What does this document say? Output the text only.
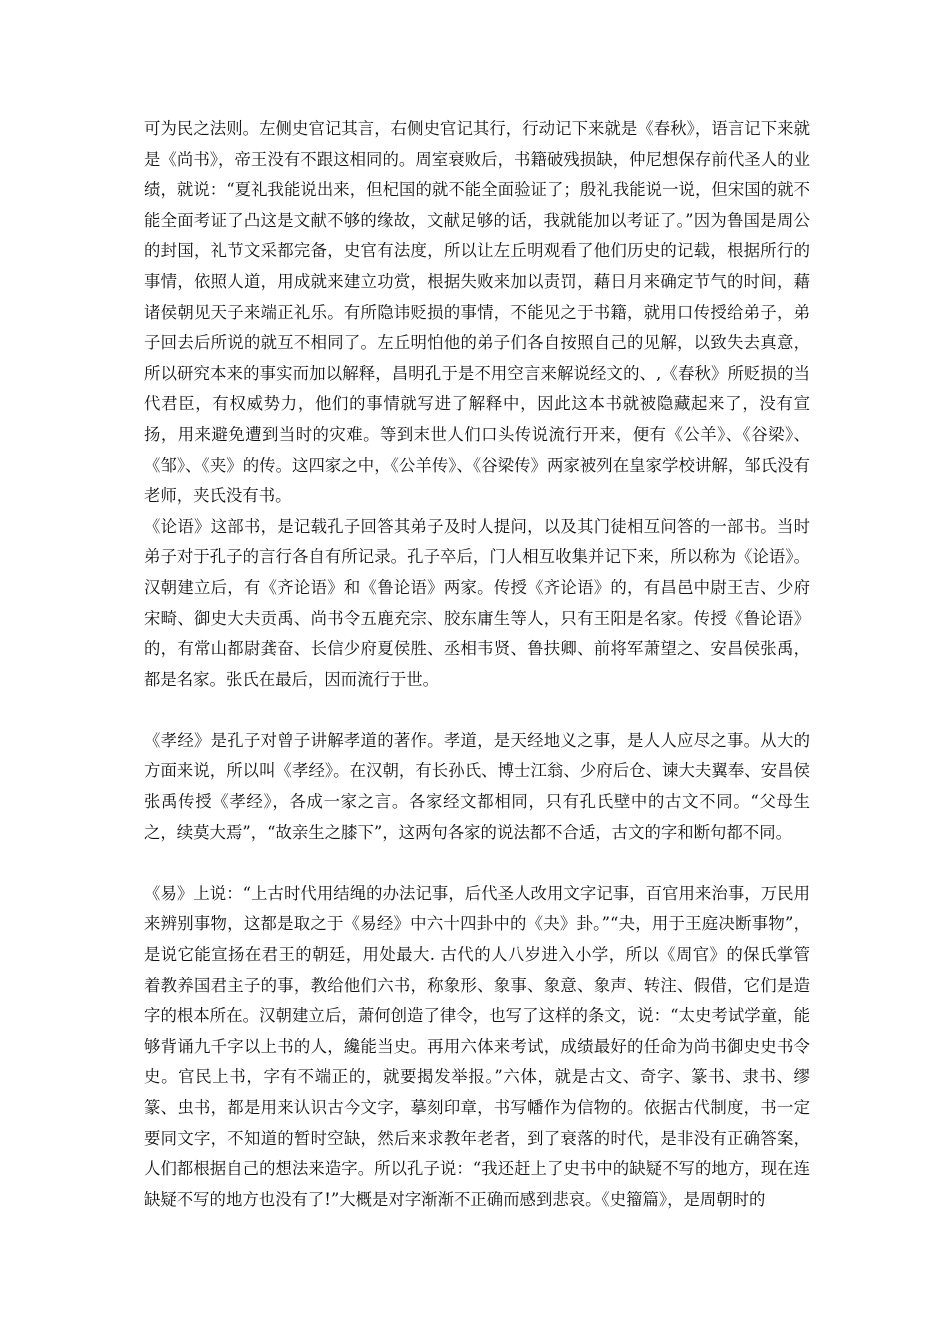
可为民之法则。左侧史官记其言，右侧史官记其行，行动记下来就是《春秋》，语言记下来就是《尚书》，帝王没有不跟这相同的。周室衰败后，书籍破残损缺，仲尼想保存前代圣人的业绩，就说：“夏礼我能说出来，但杞国的就不能全面验证了；殷礼我能说一说，但宋国的就不能全面考证了凸这是文献不够的缘故，文献足够的话，我就能加以考证了。”因为鲁国是周公的封国，礼节文采都完备，史官有法度，所以让左丘明观看了他们历史的记载，根据所行的事情，依照人道，用成就来建立功赏，根据失败来加以责罚，藉日月来确定节气的时间，藉诸侯朝见天子来端正礼乐。有所隐讳贬损的事情，不能见之于书籍，就用口传授给弟子，弟子回去后所说的就互不相同了。左丘明怕他的弟子们各自按照自己的见解，以致失去真意，所以研究本来的事实而加以解释，昌明孔于是不用空言来解说经文的、,《春秋》所贬损的当代君臣，有权威势力，他们的事情就写进了解释中，因此这本书就被隐藏起来了，没有宣扬，用来避免遭到当时的灾难。等到末世人们口头传说流行开来，便有《公羊》、《谷梁》、《邹》、《夹》的传。这四家之中，《公羊传》、《谷梁传》两家被列在皇家学校讲解，邹氏没有老师，夹氏没有书。

《论语》这部书，是记载孔子回答其弟子及时人提问，以及其门徒相互问答的一部书。当时弟子对于孔子的言行各自有所记录。孔子卒后，门人相互收集并记下来，所以称为《论语》。汉朝建立后，有《齐论语》和《鲁论语》两家。传授《齐论语》的，有昌邑中尉王吉、少府宋畸、御史大夫贡禹、尚书令五鹿充宗、胶东庸生等人，只有王阳是名家。传授《鲁论语》的，有常山都尉龚奋、长信少府夏侯胜、丞相韦贤、鲁扶卿、前将军萧望之、安昌侯张禹，都是名家。张氏在最后，因而流行于世。

《孝经》是孔子对曾子讲解孝道的著作。孝道，是天经地义之事，是人人应尽之事。从大的方面来说，所以叫《孝经》。在汉朝，有长孙氏、博士江翁、少府后仓、谏大夫翼奉、安昌侯张禹传授《孝经》，各成一家之言。各家经文都相同，只有孔氏壁中的古文不同。“父母生之，续莫大焉”，“故亲生之膝下”，这两句各家的说法都不合适，古文的字和断句都不同。

《易》上说：“上古时代用结绳的办法记事，后代圣人改用文字记事，百官用来治事，万民用来辨别事物，这都是取之于《易经》中六十四卦中的《夬》卦。”“夬，用于王庭决断事物”，是说它能宣扬在君王的朝廷，用处最大. 古代的人八岁进入小学，所以《周官》的保氏掌管着教养国君主子的事，教给他们六书，称象形、象事、象意、象声、转注、假借，它们是造字的根本所在。汉朝建立后，萧何创造了律令，也写了这样的条文，说：“太史考试学童，能够背诵九千字以上书的人，纔能当史。再用六体来考试，成绩最好的任命为尚书御史史书令史。官民上书，字有不端正的，就要揭发举报。”六体，就是古文、奇字、篆书、隶书、缪篆、虫书，都是用来认识古今文字，摹刻印章，书写幡作为信物的。依据古代制度，书一定要同文字，不知道的暂时空缺，然后来求教年老者，到了衰落的时代，是非没有正确答案，人们都根据自己的想法来造字。所以孔子说：“我还赶上了史书中的缺疑不写的地方，现在连缺疑不写的地方也没有了!”大概是对字渐渐不正确而感到悲哀。《史籀篇》，是周朝时的
